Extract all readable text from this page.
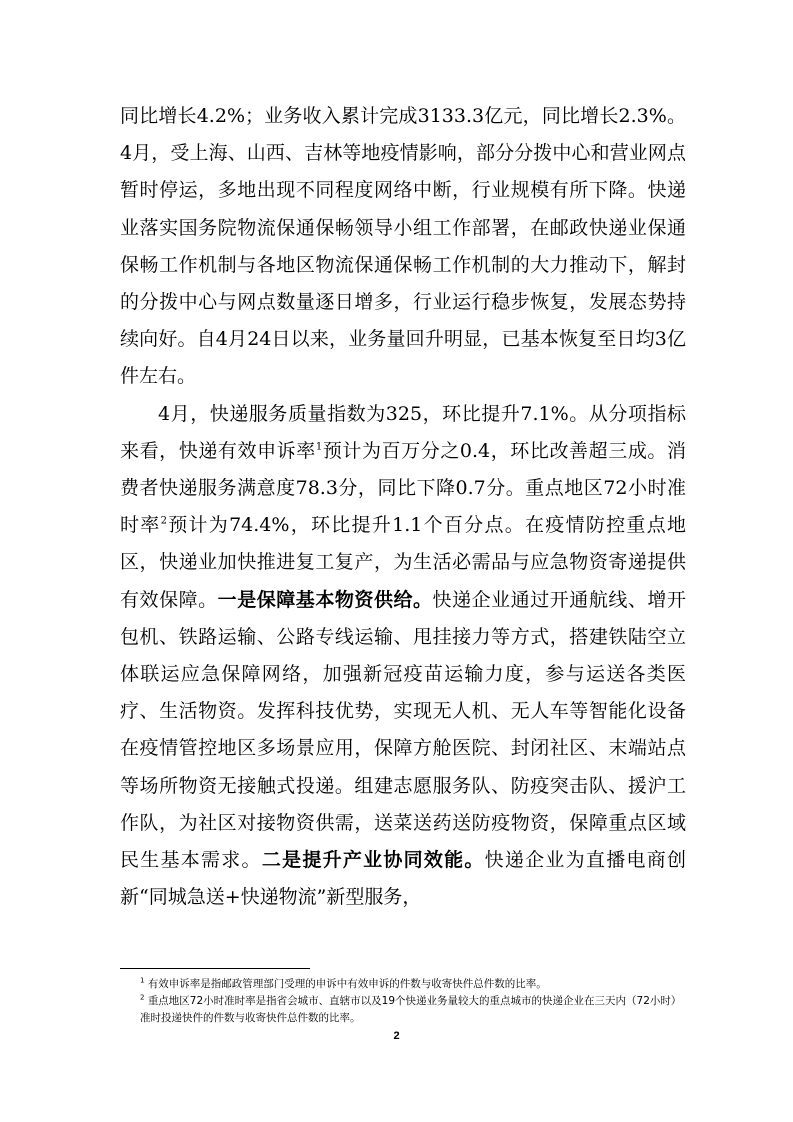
同比增长4.2%；业务收入累计完成3133.3亿元，同比增长2.3%。4月，受上海、山西、吉林等地疫情影响，部分分拨中心和营业网点暂时停运，多地出现不同程度网络中断，行业规模有所下降。快递业落实国务院物流保通保畅领导小组工作部署，在邮政快递业保通保畅工作机制与各地区物流保通保畅工作机制的大力推动下，解封的分拨中心与网点数量逐日增多，行业运行稳步恢复，发展态势持续向好。自4月24日以来，业务量回升明显，已基本恢复至日均3亿件左右。

4月，快递服务质量指数为325，环比提升7.1%。从分项指标来看，快递有效申诉率$^1$预计为百万分之0.4，环比改善超三成。消费者快递服务满意度78.3分，同比下降0.7分。重点地区72小时准时率$^2$预计为74.4%，环比提升1.1个百分点。在疫情防控重点地区，快递业加快推进复工复产，为生活必需品与应急物资寄递提供有效保障。一是保障基本物资供给。快递企业通过开通航线、增开包机、铁路运输、公路专线运输、甩挂接力等方式，搭建铁陆空立体联运应急保障网络，加强新冠疫苗运输力度，参与运送各类医疗、生活物资。发挥科技优势，实现无人机、无人车等智能化设备在疫情管控地区多场景应用，保障方舱医院、封闭社区、末端站点等场所物资无接触式投递。组建志愿服务队、防疫突击队、援沪工作队，为社区对接物资供需，送菜送药送防疫物资，保障重点区域民生基本需求。二是提升产业协同效能。快递企业为直播电商创新“同城急送+快递物流”新型服务，

$^1$ 有效申诉率是指邮政管理部门受理的申诉中有效申诉的件数与收寄快件总件数的比率。

$^2$ 重点地区72小时准时率是指省会城市、直辖市以及19个快递业务量较大的重点城市的快递企业在三天内（72小时）准时投递快件的件数与收寄快件总件数的比率。

2
